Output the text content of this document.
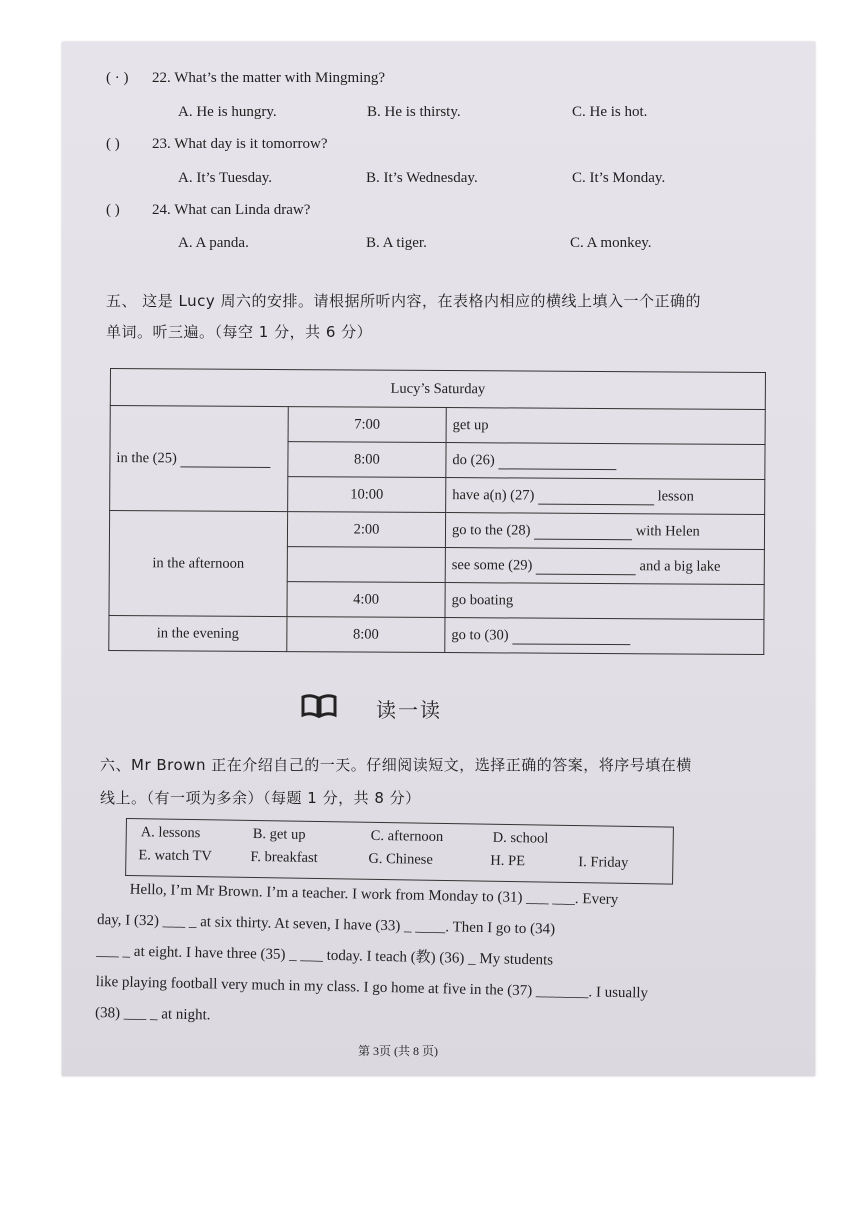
( · ) 22. What’s the matter with Mingming?
A. He is hungry.	B. He is thirsty.	C. He is hot.
( ) 23. What day is it tomorrow?
A. It’s Tuesday.	B. It’s Wednesday.	C. It’s Monday.
( ) 24. What can Linda draw?
A. A panda.	B. A tiger.	C. A monkey.
五、 这是 Lucy 周六的安排。请根据所听内容，在表格内相应的横线上填入一个正确的
单词。听三遍。（每空 1 分，共 6 分）
Lucy’s Saturday		
in the (25)	7:00	get up
	8:00	do (26)
	10:00	have a(n) (27) lesson
in the afternoon	2:00	go to the (28) with Helen
		see some (29) and a big lake
	4:00	go boating
in the evening	8:00	go to (30)
读一读
六、Mr Brown 正在介绍自己的一天。仔细阅读短文，选择正确的答案，将序号填在横
线上。（有一项为多余）（每题 1 分，共 8 分）
A. lessons	B. get up	C. afternoon	D. school
E. watch TV	F. breakfast	G. Chinese	H. PE	I. Friday
Hello, I’m Mr Brown. I’m a teacher. I work from Monday to (31) ___ ___. Every
day, I (32) ___ _ at six thirty. At seven, I have (33) _ ____. Then I go to (34)
___ _ at eight. I have three (35) _ ___ today. I teach (教) (36) _ My students
like playing football very much in my class. I go home at five in the (37) _______. I usually
(38) ___ _ at night.
第 3页 (共 8 页)
